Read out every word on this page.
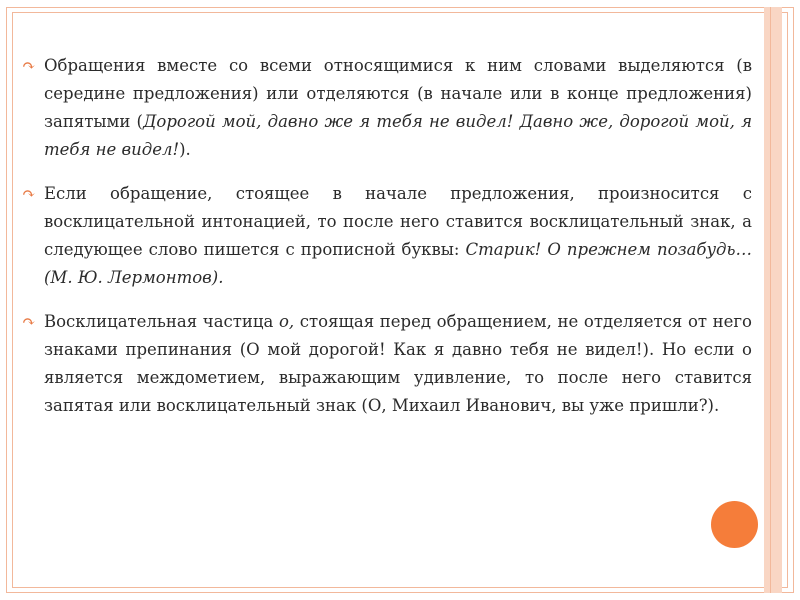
↷ Обращения вместе со всеми относящимися к ним словами выделяются (в середине предложения) или отделяются (в начале или в конце предложения) запятыми (Дорогой мой, давно же я тебя не видел! Давно же, дорогой мой, я тебя не видел!).

↷ Если обращение, стоящее в начале предложения, произносится с восклицательной интонацией, то после него ставится восклицательный знак, а следующее слово пишется с прописной буквы: Старик! О прежнем позабудь…(М. Ю. Лермонтов).

↷ Восклицательная частица о, стоящая перед обращением, не отделяется от него знаками препинания (О мой дорогой! Как я давно тебя не видел!). Но если о является междометием, выражающим удивление, то после него ставится запятая или восклицательный знак (О, Михаил Иванович, вы уже пришли?).
